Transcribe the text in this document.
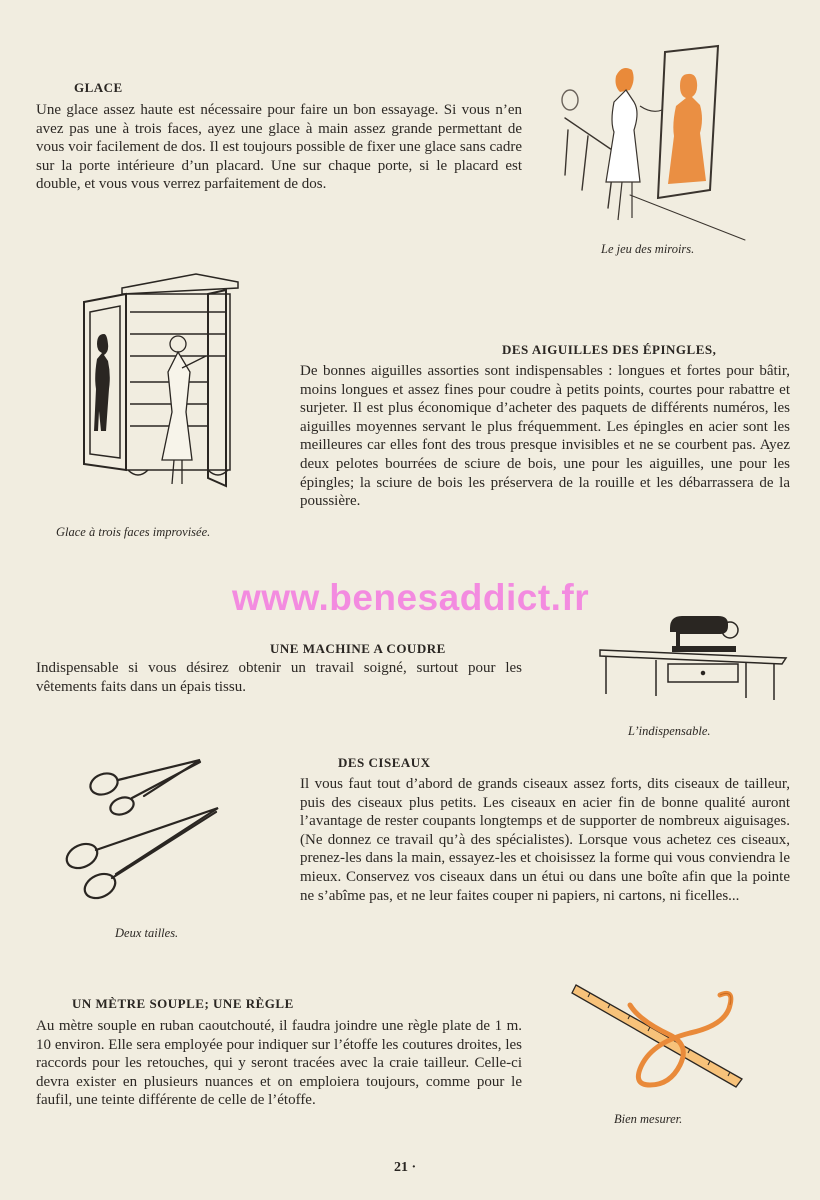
GLACE
Une glace assez haute est nécessaire pour faire un bon essayage. Si vous n’en avez pas une à trois faces, ayez une glace à main assez grande permettant de vous voir facilement de dos. Il est toujours possible de fixer une glace sans cadre sur la porte intérieure d’un placard. Une sur chaque porte, si le placard est double, et vous vous verrez parfaitement de dos.
Le jeu des miroirs.
Glace à trois faces improvisée.
DES AIGUILLES DES ÉPINGLES,
De bonnes aiguilles assorties sont indispensables : longues et fortes pour bâtir, moins longues et assez fines pour coudre à petits points, courtes pour rabattre et surjeter. Il est plus économique d’acheter des paquets de différents numéros, les aiguilles moyennes servant le plus fréquemment. Les épingles en acier sont les meilleures car elles font des trous presque invisibles et ne se courbent pas. Ayez deux pelotes bourrées de sciure de bois, une pour les aiguilles, une pour les épingles; la sciure de bois les préservera de la rouille et les débarrassera de la poussière.
www.benesaddict.fr
UNE MACHINE A COUDRE
Indispensable si vous désirez obtenir un travail soigné, surtout pour les vêtements faits dans un épais tissu.
L’indispensable.
DES CISEAUX
Il vous faut tout d’abord de grands ciseaux assez forts, dits ciseaux de tailleur, puis des ciseaux plus petits. Les ciseaux en acier fin de bonne qualité auront l’avantage de rester coupants longtemps et de supporter de nombreux aiguisages. (Ne donnez ce travail qu’à des spécialistes). Lorsque vous achetez ces ciseaux, prenez-les dans la main, essayez-les et choisissez la forme qui vous conviendra le mieux. Conservez vos ciseaux dans un étui ou dans une boîte afin que la pointe ne s’abîme pas, et ne leur faites couper ni papiers, ni cartons, ni ficelles...
Deux tailles.
UN MÈTRE SOUPLE; UNE RÈGLE
Au mètre souple en ruban caoutchouté, il faudra joindre une règle plate de 1 m. 10 environ. Elle sera employée pour indiquer sur l’étoffe les coutures droites, les raccords pour les retouches, qui y seront tracées avec la craie tailleur. Celle-ci devra exister en plusieurs nuances et on emploiera toujours, comme pour le faufil, une teinte différente de celle de l’étoffe.
Bien mesurer.
21 ·
